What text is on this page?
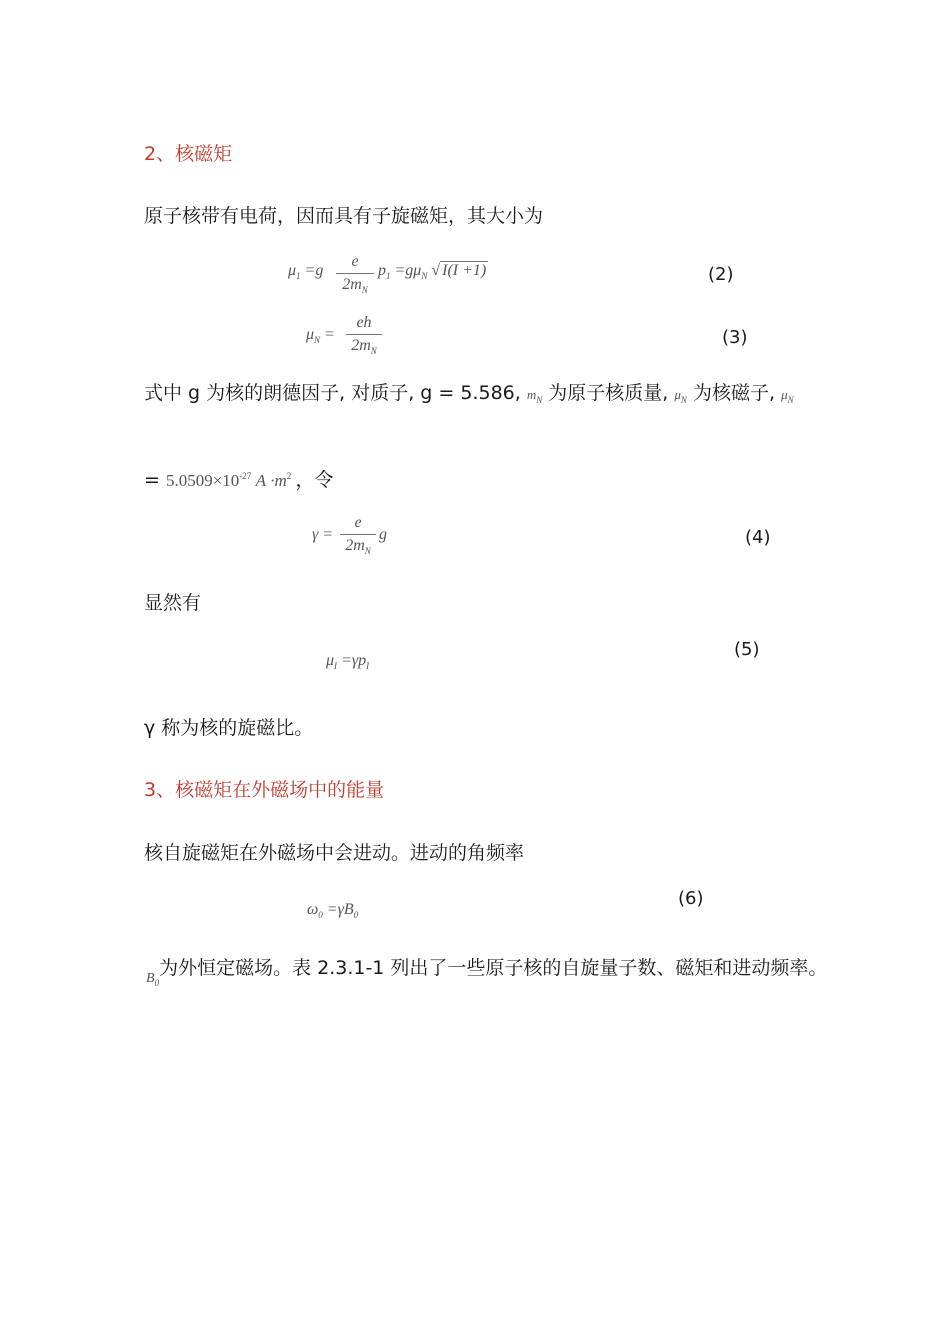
2、核磁矩
原子核带有电荷，因而具有子旋磁矩，其大小为
$\mu_1 =g$
e
$2m_N$
$p_1 =g\mu_N$ √ I(I +1)	(2)
$\mu_N$ =
eh
$2m_N$
(3)
式中 g 为核的朗德因子, 对质子, g = 5.586, $m_N$ 为原子核质量, $\mu_N$ 为核磁子, $\mu_N$
= $5.0509\times 10^{-27}$ $A \cdot m^2$ ，令
γ =
e
$2m_N$
g	(4)
显然有
$\mu_I =\gamma p_I$
(5)
γ 称为核的旋磁比。
3、核磁矩在外磁场中的能量
核自旋磁矩在外磁场中会进动。进动的角频率
$\omega_0 =\gamma B_0$
(6)
$_{B_0}$为外恒定磁场。表 2.3.1-1 列出了一些原子核的自旋量子数、磁矩和进动频率。
